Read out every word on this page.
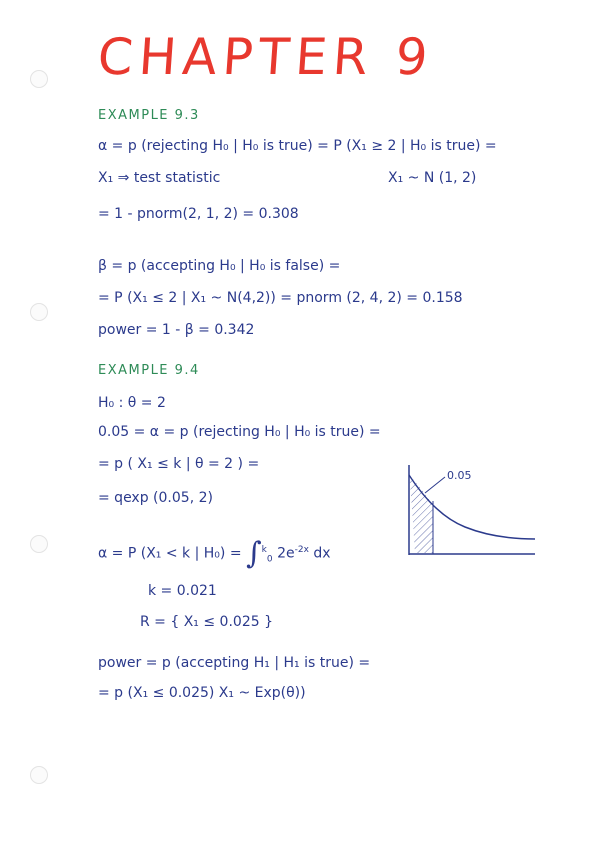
CHAPTER 9
EXAMPLE 9.3
α = p (rejecting H₀ | H₀ is true) = P (X₁ ≥ 2 | H₀ is true) =
X₁ ⇒ test statistic	X₁ ~ N (1, 2)
= 1 - pnorm(2, 1, 2) = 0.308
β = p (accepting H₀ | H₀ is false) =
= P (X₁ ≤ 2 | X₁ ~ N(4,2)) = pnorm (2, 4, 2) = 0.158
power = 1 - β = 0.342
EXAMPLE 9.4
H₀ : θ = 2
0.05 = α = p (rejecting H₀ | H₀ is true) =
= p ( X₁ ≤ k | θ = 2 ) =
= qexp (0.05, 2)
α = P (X₁ < k | H₀) = ∫$^k_0$ $2e^{-2x}$ dx
k = 0.021
R = { X₁ ≤ 0.025 }
power = p (accepting H₁ | H₁ is true) =
= p (X₁ ≤ 0.025) X₁ ~ Exp(θ))
0.05
